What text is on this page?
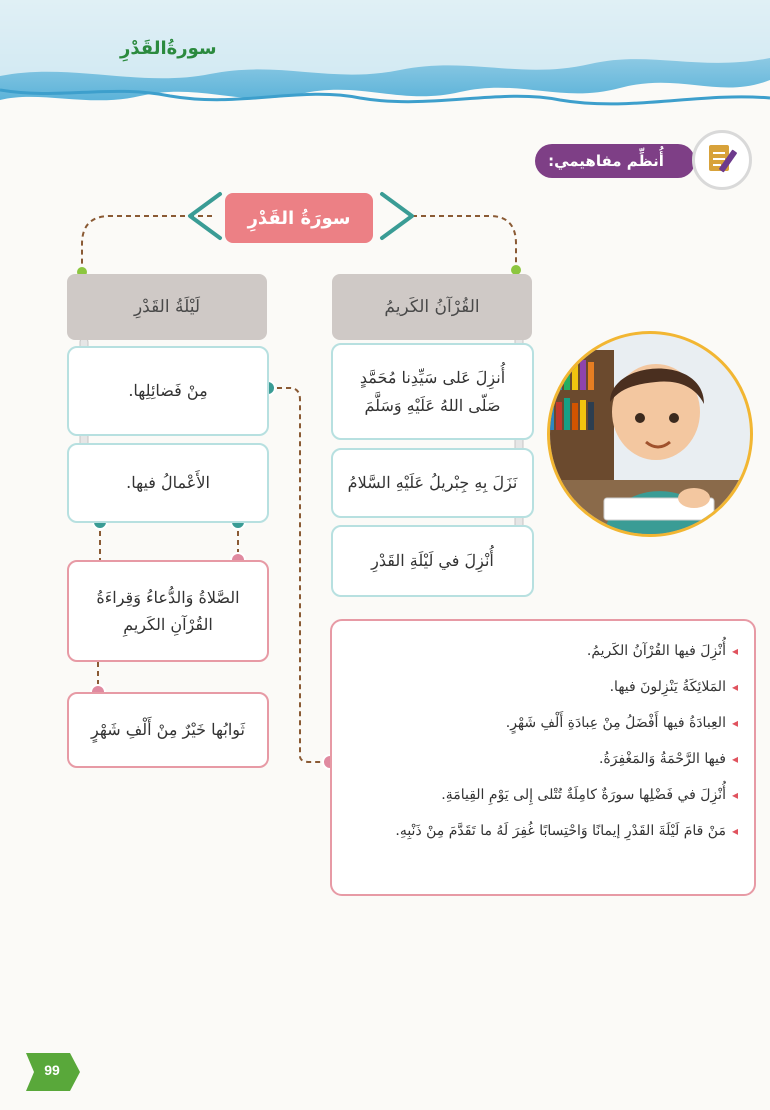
سورةُالقَدْرِ
أُنظِّم مفاهيمي:
سورَةُ القَدْرِ
القُرْآنُ الكَريمُ
أُنزِلَ عَلى سَيِّدِنا مُحَمَّدٍ صَلّى اللهُ عَلَيْهِ وَسَلَّمَ
نَزَلَ بِهِ جِبْريلُ عَلَيْهِ السَّلامُ
أُنْزِلَ في لَيْلَةِ القَدْرِ
لَيْلَةُ القَدْرِ
مِنْ فَضائِلِها.
الأَعْمالُ فيها.
الصَّلاةُ وَالدُّعاءُ وَقِراءَةُ القُرْآنِ الكَريمِ
ثَوابُها خَيْرٌ مِنْ أَلْفِ شَهْرٍ
◂أُنْزِلَ فيها القُرْآنُ الكَريمُ.
◂المَلائِكَةُ يَنْزِلونَ فيها.
◂العِبادَةُ فيها أَفْضَلُ مِنْ عِبادَةِ أَلْفِ شَهْرٍ.
◂فيها الرَّحْمَةُ وَالمَغْفِرَةُ.
◂أُنْزِلَ في فَضْلِها سورَةٌ كامِلَةٌ تُتْلى إِلى يَوْمِ القِيامَةِ.
◂مَنْ قامَ لَيْلَةَ القَدْرِ إيمانًا وَاحْتِسابًا غُفِرَ لَهُ ما تَقَدَّمَ مِنْ ذَنْبِهِ.
99
